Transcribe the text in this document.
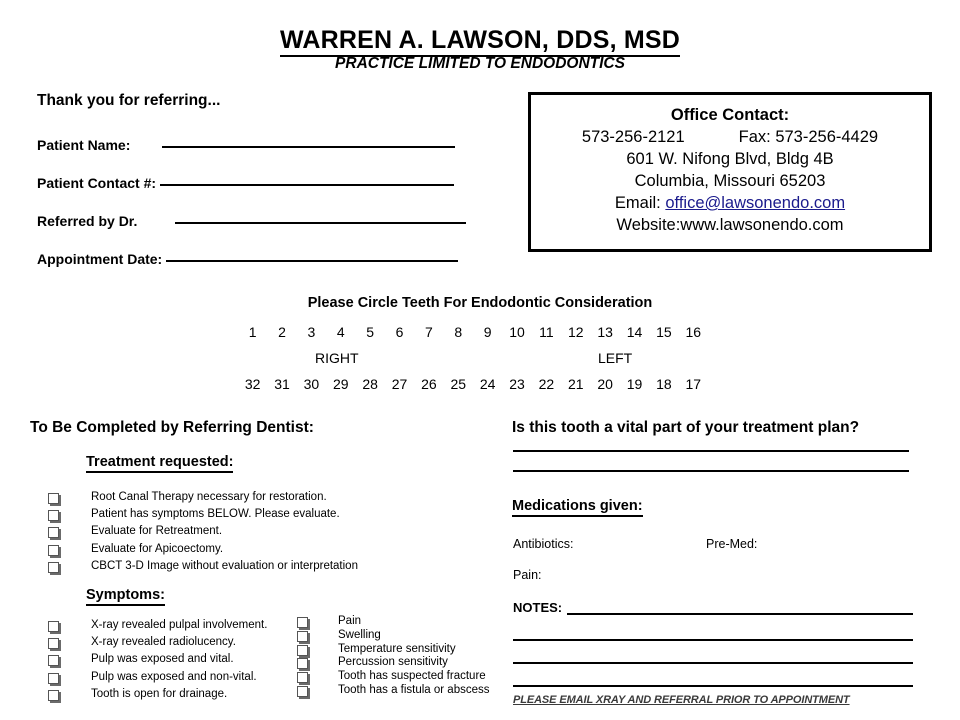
WARREN A. LAWSON, DDS, MSD
PRACTICE LIMITED TO ENDODONTICS
Thank you for referring...
Patient Name:
Patient Contact #:
Referred by Dr.
Appointment Date:
Office Contact:
573-256-2121	Fax: 573-256-4429
601 W. Nifong Blvd, Bldg 4B
Columbia, Missouri 65203
Email: office@lawsonendo.com
Website:www.lawsonendo.com
Please Circle Teeth For Endodontic Consideration
1	2	3	4	5	6	7	8	9	10	11	12 13 14 15 16
RIGHT	LEFT
32 31 30 29 28 27 26 25 24 23 22 21 20 19 18 17
To Be Completed by Referring Dentist:
Treatment requested:
Root Canal Therapy necessary for restoration.
Patient has symptoms BELOW. Please evaluate.
Evaluate for Retreatment.
Evaluate for Apicoectomy.
CBCT 3-D Image without evaluation or interpretation
Symptoms:
X-ray revealed pulpal involvement.
X-ray revealed radiolucency.
Pulp was exposed and vital.
Pulp was exposed and non-vital.
Tooth is open for drainage.
Pain
Swelling
Temperature sensitivity
Percussion sensitivity
Tooth has suspected fracture
Tooth has a fistula or abscess
Is this tooth a vital part of your treatment plan?
Medications given:
Antibiotics:	Pre-Med:
Pain:
NOTES:
PLEASE EMAIL XRAY AND REFERRAL PRIOR TO APPOINTMENT
